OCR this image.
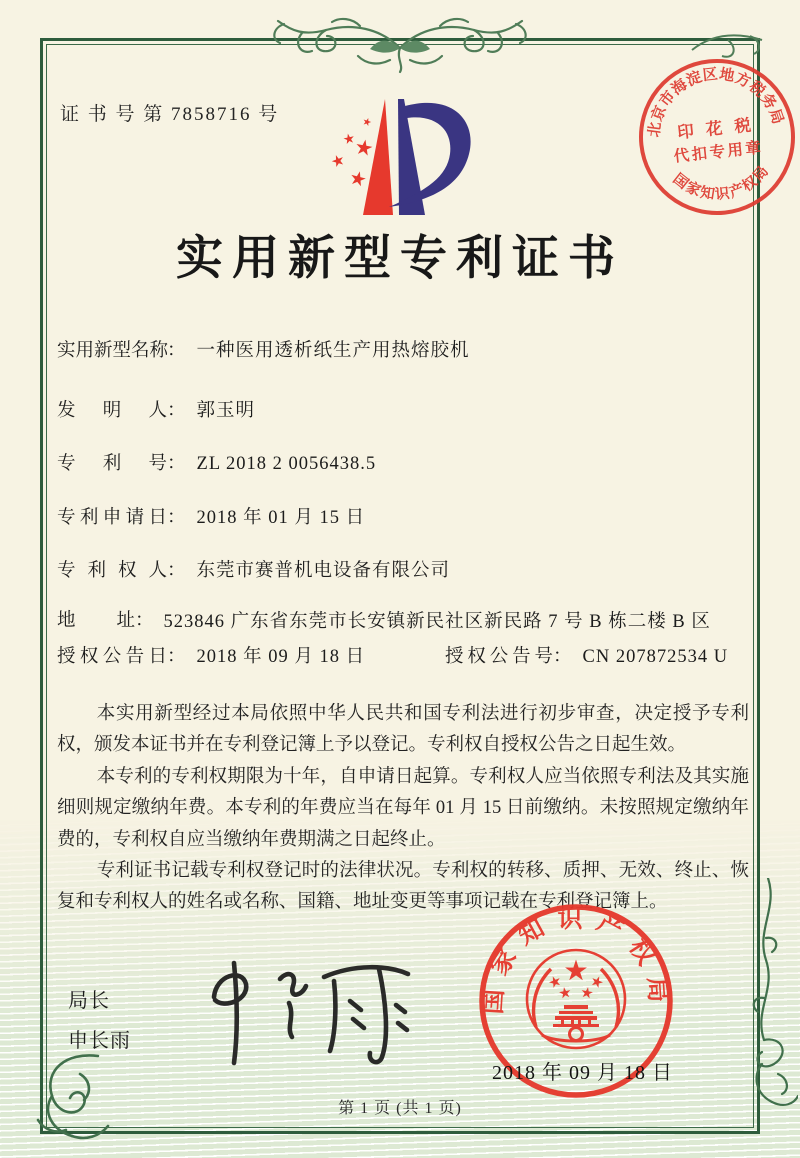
证 书 号 第 7858716 号
实用新型专利证书
北京市海淀区地方税务局
国家知识产权局
印 花 税
代扣专用章
实用新型名称： 一种医用透析纸生产用热熔胶机
发明人： 郭玉明
专利号： ZL 2018 2 0056438.5
专利申请日： 2018 年 01 月 15 日
专利权人： 东莞市赛普机电设备有限公司
地址： 523846 广东省东莞市长安镇新民社区新民路 7 号 B 栋二楼 B 区
授权公告日： 2018 年 09 月 18 日	授权公告号： CN 207872534 U

本实用新型经过本局依照中华人民共和国专利法进行初步审查，决定授予专利权，颁发本证书并在专利登记簿上予以登记。专利权自授权公告之日起生效。

本专利的专利权期限为十年，自申请日起算。专利权人应当依照专利法及其实施细则规定缴纳年费。本专利的年费应当在每年 01 月 15 日前缴纳。未按照规定缴纳年费的，专利权自应当缴纳年费期满之日起终止。

专利证书记载专利权登记时的法律状况。专利权的转移、质押、无效、终止、恢复和专利权人的姓名或名称、国籍、地址变更等事项记载在专利登记簿上。

局长
申长雨
国家知识产权局
2018 年 09 月 18 日
第 1 页 (共 1 页)
